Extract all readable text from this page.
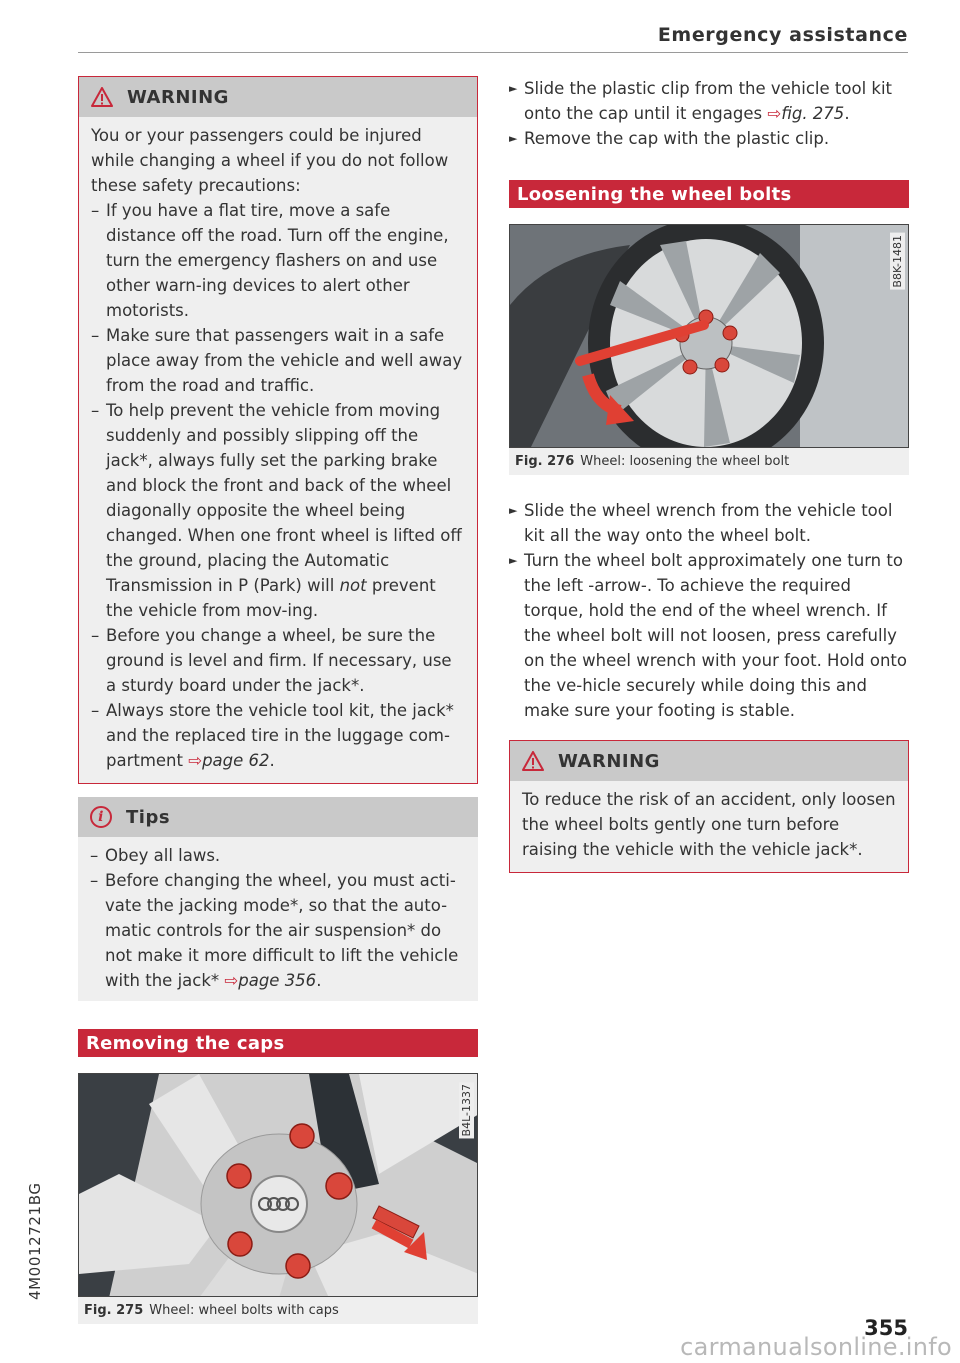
Emergency assistance
4M0012721BG
WARNING

You or your passengers could be injured while changing a wheel if you do not follow these safety precautions:

– If you have a flat tire, move a safe distance off the road. Turn off the engine, turn the emergency flashers on and use other warn-ing devices to alert other motorists.

– Make sure that passengers wait in a safe place away from the vehicle and well away from the road and traffic.

– To help prevent the vehicle from moving suddenly and possibly slipping off the jack*, always fully set the parking brake and block the front and back of the wheel diagonally opposite the wheel being changed. When one front wheel is lifted off the ground, placing the Automatic Transmission in P (Park) will not prevent the vehicle from mov-ing.

– Before you change a wheel, be sure the ground is level and firm. If necessary, use a sturdy board under the jack*.

– Always store the vehicle tool kit, the jack* and the replaced tire in the luggage com-partment ⇨page 62.

i	Tips

– Obey all laws.

– Before changing the wheel, you must acti-vate the jacking mode*, so that the auto-matic controls for the air suspension* do not make it more difficult to lift the vehicle with the jack* ⇨page 356.

Removing the caps
B4L-1337
Fig. 275 Wheel: wheel bolts with caps

► Slide the plastic clip from the vehicle tool kit onto the cap until it engages ⇨fig. 275.

► Remove the cap with the plastic clip.

Loosening the wheel bolts
B8K-1481
Fig. 276 Wheel: loosening the wheel bolt

► Slide the wheel wrench from the vehicle tool kit all the way onto the wheel bolt.

► Turn the wheel bolt approximately one turn to the left -arrow-. To achieve the required torque, hold the end of the wheel wrench. If the wheel bolt will not loosen, press carefully on the wheel wrench with your foot. Hold onto the ve-hicle securely while doing this and make sure your footing is stable.

WARNING

To reduce the risk of an accident, only loosen the wheel bolts gently one turn before raising the vehicle with the vehicle jack*.

355
carmanualsonline.info
